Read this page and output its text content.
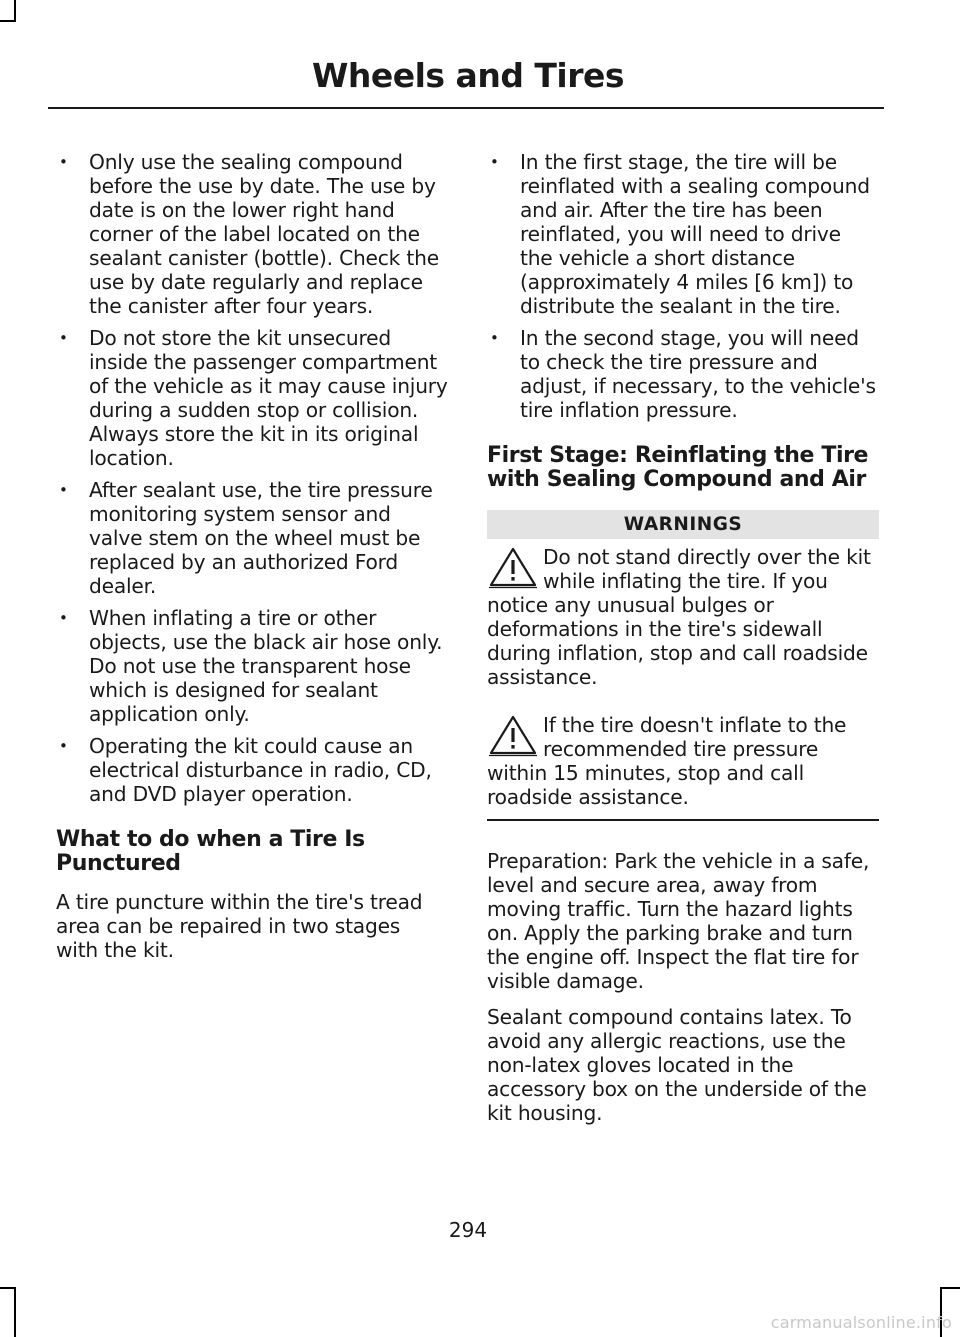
Wheels and Tires
• Only use the sealing compound before the use by date. The use by date is on the lower right hand corner of the label located on the sealant canister (bottle). Check the use by date regularly and replace the canister after four years.
• Do not store the kit unsecured inside the passenger compartment of the vehicle as it may cause injury during a sudden stop or collision. Always store the kit in its original location.
• After sealant use, the tire pressure monitoring system sensor and valve stem on the wheel must be replaced by an authorized Ford dealer.
• When inflating a tire or other objects, use the black air hose only. Do not use the transparent hose which is designed for sealant application only.
• Operating the kit could cause an electrical disturbance in radio, CD, and DVD player operation.
What to do when a Tire Is Punctured

A tire puncture within the tire's tread area can be repaired in two stages with the kit.

• In the first stage, the tire will be reinflated with a sealing compound and air. After the tire has been reinflated, you will need to drive the vehicle a short distance (approximately 4 miles [6 km]) to distribute the sealant in the tire.
• In the second stage, you will need to check the tire pressure and adjust, if necessary, to the vehicle's tire inflation pressure.
First Stage: Reinflating the Tire with Sealing Compound and Air
WARNINGS
Do not stand directly over the kit while inflating the tire. If you notice any unusual bulges or deformations in the tire's sidewall during inflation, stop and call roadside assistance.
If the tire doesn't inflate to the recommended tire pressure within 15 minutes, stop and call roadside assistance.

Preparation: Park the vehicle in a safe, level and secure area, away from moving traffic. Turn the hazard lights on. Apply the parking brake and turn the engine off. Inspect the flat tire for visible damage.

Sealant compound contains latex. To avoid any allergic reactions, use the non-latex gloves located in the accessory box on the underside of the kit housing.

294
carmanualsonline.info
